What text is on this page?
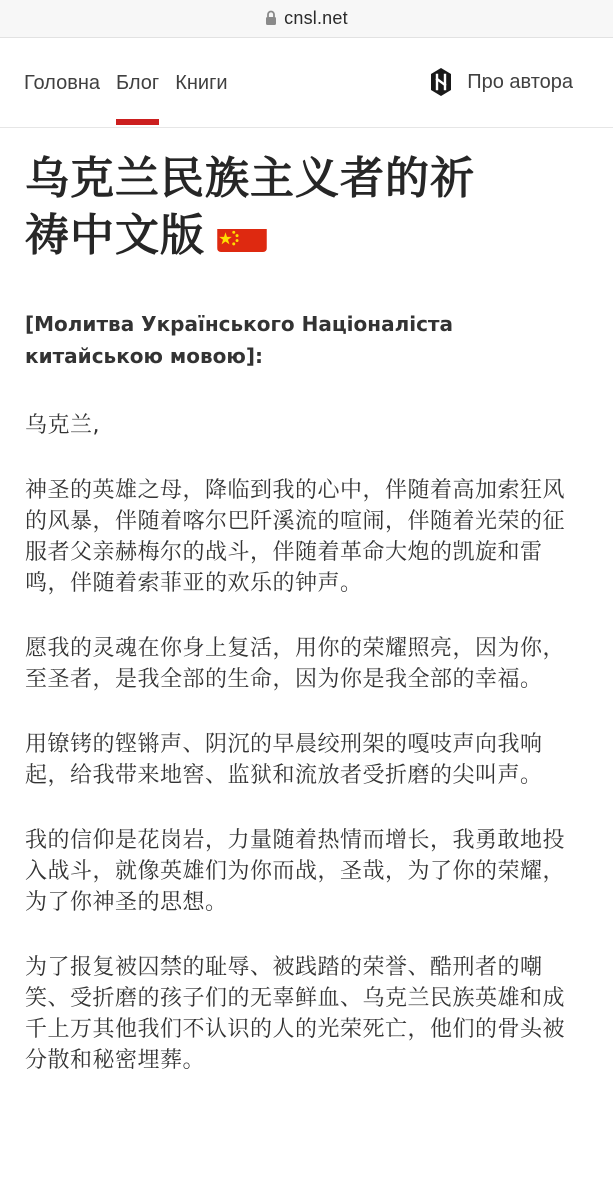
cnsl.net
Головна Блог Книги	Про автора
乌克兰民族主义者的祈
祷中文版
[Молитва Українського Націоналіста китайською мовою]:

乌克兰,

神圣的英雄之母，降临到我的心中，伴随着高加索狂风的风暴，伴随着喀尔巴阡溪流的喧闹，伴随着光荣的征服者父亲赫梅尔的战斗，伴随着革命大炮的凯旋和雷鸣，伴随着索菲亚的欢乐的钟声。

愿我的灵魂在你身上复活，用你的荣耀照亮，因为你，至圣者，是我全部的生命，因为你是我全部的幸福。

用镣铐的铿锵声、阴沉的早晨绞刑架的嘎吱声向我响起，给我带来地窖、监狱和流放者受折磨的尖叫声。

我的信仰是花岗岩，力量随着热情而增长，我勇敢地投入战斗，就像英雄们为你而战，圣哉，为了你的荣耀，为了你神圣的思想。

为了报复被囚禁的耻辱、被践踏的荣誉、酷刑者的嘲笑、受折磨的孩子们的无辜鲜血、乌克兰民族英雄和成千上万其他我们不认识的人的光荣死亡，他们的骨头被分散和秘密埋葬。
